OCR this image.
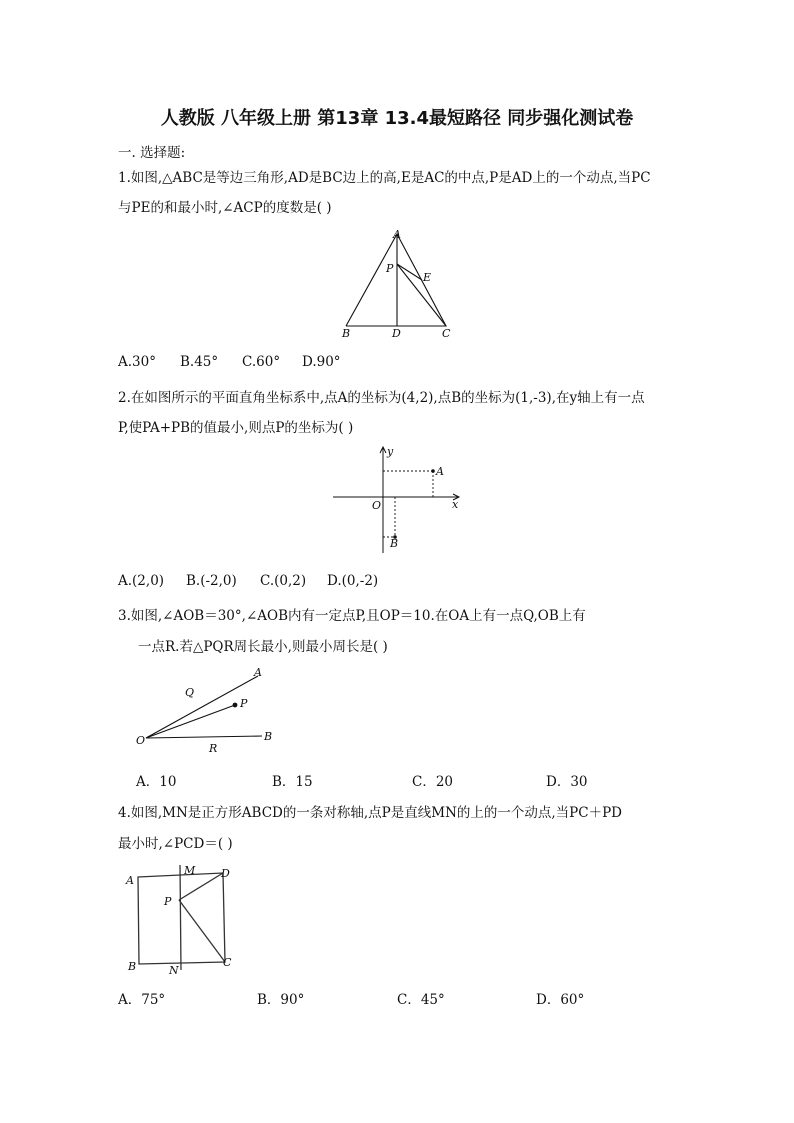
人教版 八年级上册 第13章 13.4最短路径 同步强化测试卷
一. 选择题:
1.如图,△ABC是等边三角形,AD是BC边上的高,E是AC的中点,P是AD上的一个动点,当PC
与PE的和最小时,∠ACP的度数是( )
A
P
E
B	D	C
A.30° B.45° C.60° D.90°
2.在如图所示的平面直角坐标系中,点A的坐标为(4,2),点B的坐标为(1,-3),在y轴上有一点
P,使PA+PB的值最小,则点P的坐标为( )
y
x
O
A
B
A.(2,0) B.(-2,0) C.(0,2) D.(0,-2)
3.如图,∠AOB＝30°,∠AOB内有一定点P,且OP＝10.在OA上有一点Q,OB上有
一点R.若△PQR周长最小,则最小周长是( )
A
Q
P
O
R
B
A．10	B．15	C．20	D．30
4.如图,MN是正方形ABCD的一条对称轴,点P是直线MN的上的一个动点,当PC＋PD
最小时,∠PCD＝( )
A
M D
P
B	N
C
A．75°	B．90°	C．45°	D．60°
